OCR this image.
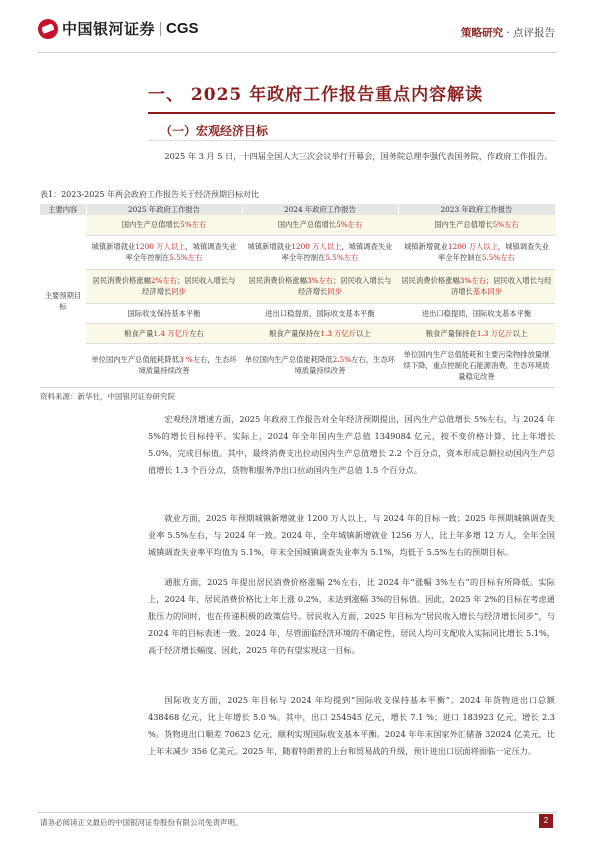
中国银河证券 CGS	策略研究 · 点评报告
一、 2025 年政府工作报告重点内容解读
（一）宏观经济目标

2025 年 3 月 5 日，十四届全国人大三次会议举行开幕会，国务院总理李强代表国务院，作政府工作报告。

表1：2023-2025 年两会政府工作报告关于经济预期目标对比
主要内容	2025 年政府工作报告	2024 年政府工作报告	2023 年政府工作报告
主要预期目标	国内生产总值增长5%左右	国内生产总值增长5%左右	国内生产总值增长5%左右
	城镇新增就业1200 万人以上，城镇调查失业率全年控制在5.5%左右	城镇新增就业1200 万人以上，城镇调查失业率全年控制在5.5%左右	城镇新增就业1200 万人以上，城镇调查失业率全年控制在5.5%左右
	居民消费价格涨幅2%左右；居民收入增长与经济增长同步	居民消费价格涨幅3%左右；居民收入增长与经济增长同步	居民消费价格涨幅3%左右；居民收入增长与经济增长基本同步
	国际收支保持基本平衡	进出口稳提质，国际收支基本平衡	进出口稳提质，国际收支基本平衡
	粮食产量1.4 万亿斤左右	粮食产量保持在1.3 万亿斤以上	粮食产量保持在1.3 万亿斤以上
	单位国内生产总值能耗降低3 %左右，生态环境质量持续改善	单位国内生产总值能耗降低2.5%左右，生态环境质量持续改善	单位国内生产总值能耗和主要污染物排放量继续下降，重点控制化石能源消费，生态环境质量稳定改善
资料来源：新华社，中国银河证券研究院

宏观经济增速方面，2025 年政府工作报告对全年经济预期提出，国内生产总值增长 5%左右，与 2024 年 5%的增长目标持平。实际上，2024 年全年国内生产总值 1349084 亿元，按不变价格计算，比上年增长 5.0%，完成目标值。其中，最终消费支出拉动国内生产总值增长 2.2 个百分点，资本形成总额拉动国内生产总值增长 1.3 个百分点，货物和服务净出口拉动国内生产总值 1.5 个百分点。

就业方面，2025 年预期城镇新增就业 1200 万人以上，与 2024 年的目标一致；2025 年预期城镇调查失业率 5.5%左右，与 2024 年一致。2024 年，全年城镇新增就业 1256 万人，比上年多增 12 万人，全年全国城镇调查失业率平均值为 5.1%，年末全国城镇调查失业率为 5.1%，均低于 5.5%左右的预期目标。

通胀方面，2025 年提出居民消费价格涨幅 2%左右，比 2024 年“涨幅 3%左右”的目标有所降低。实际上，2024 年，居民消费价格比上年上涨 0.2%，未达到涨幅 3%的目标值。因此，2025 年 2%的目标在考虑通胀压力的同时，也在传递积极的政策信号。居民收入方面，2025 年目标为“居民收入增长与经济增长同步”，与 2024 年的目标表述一致。2024 年，尽管面临经济环境的不确定性，居民人均可支配收入实际同比增长 5.1%，高于经济增长幅度。因此，2025 年仍有望实现这一目标。

国际收支方面，2025 年目标与 2024 年均提到“国际收支保持基本平衡”。2024 年货物进出口总额 438468 亿元，比上年增长 5.0 %。其中，出口 254545 亿元，增长 7.1 %；进口 183923 亿元，增长 2.3 %。货物进出口顺差 70623 亿元，顺利实现国际收支基本平衡。2024 年年末国家外汇储备 32024 亿美元，比上年末减少 356 亿美元。2025 年，随着特朗普的上台和贸易战的升级，预计进出口层面将面临一定压力。

请务必阅读正文最后的中国银河证券股份有限公司免责声明。	2
